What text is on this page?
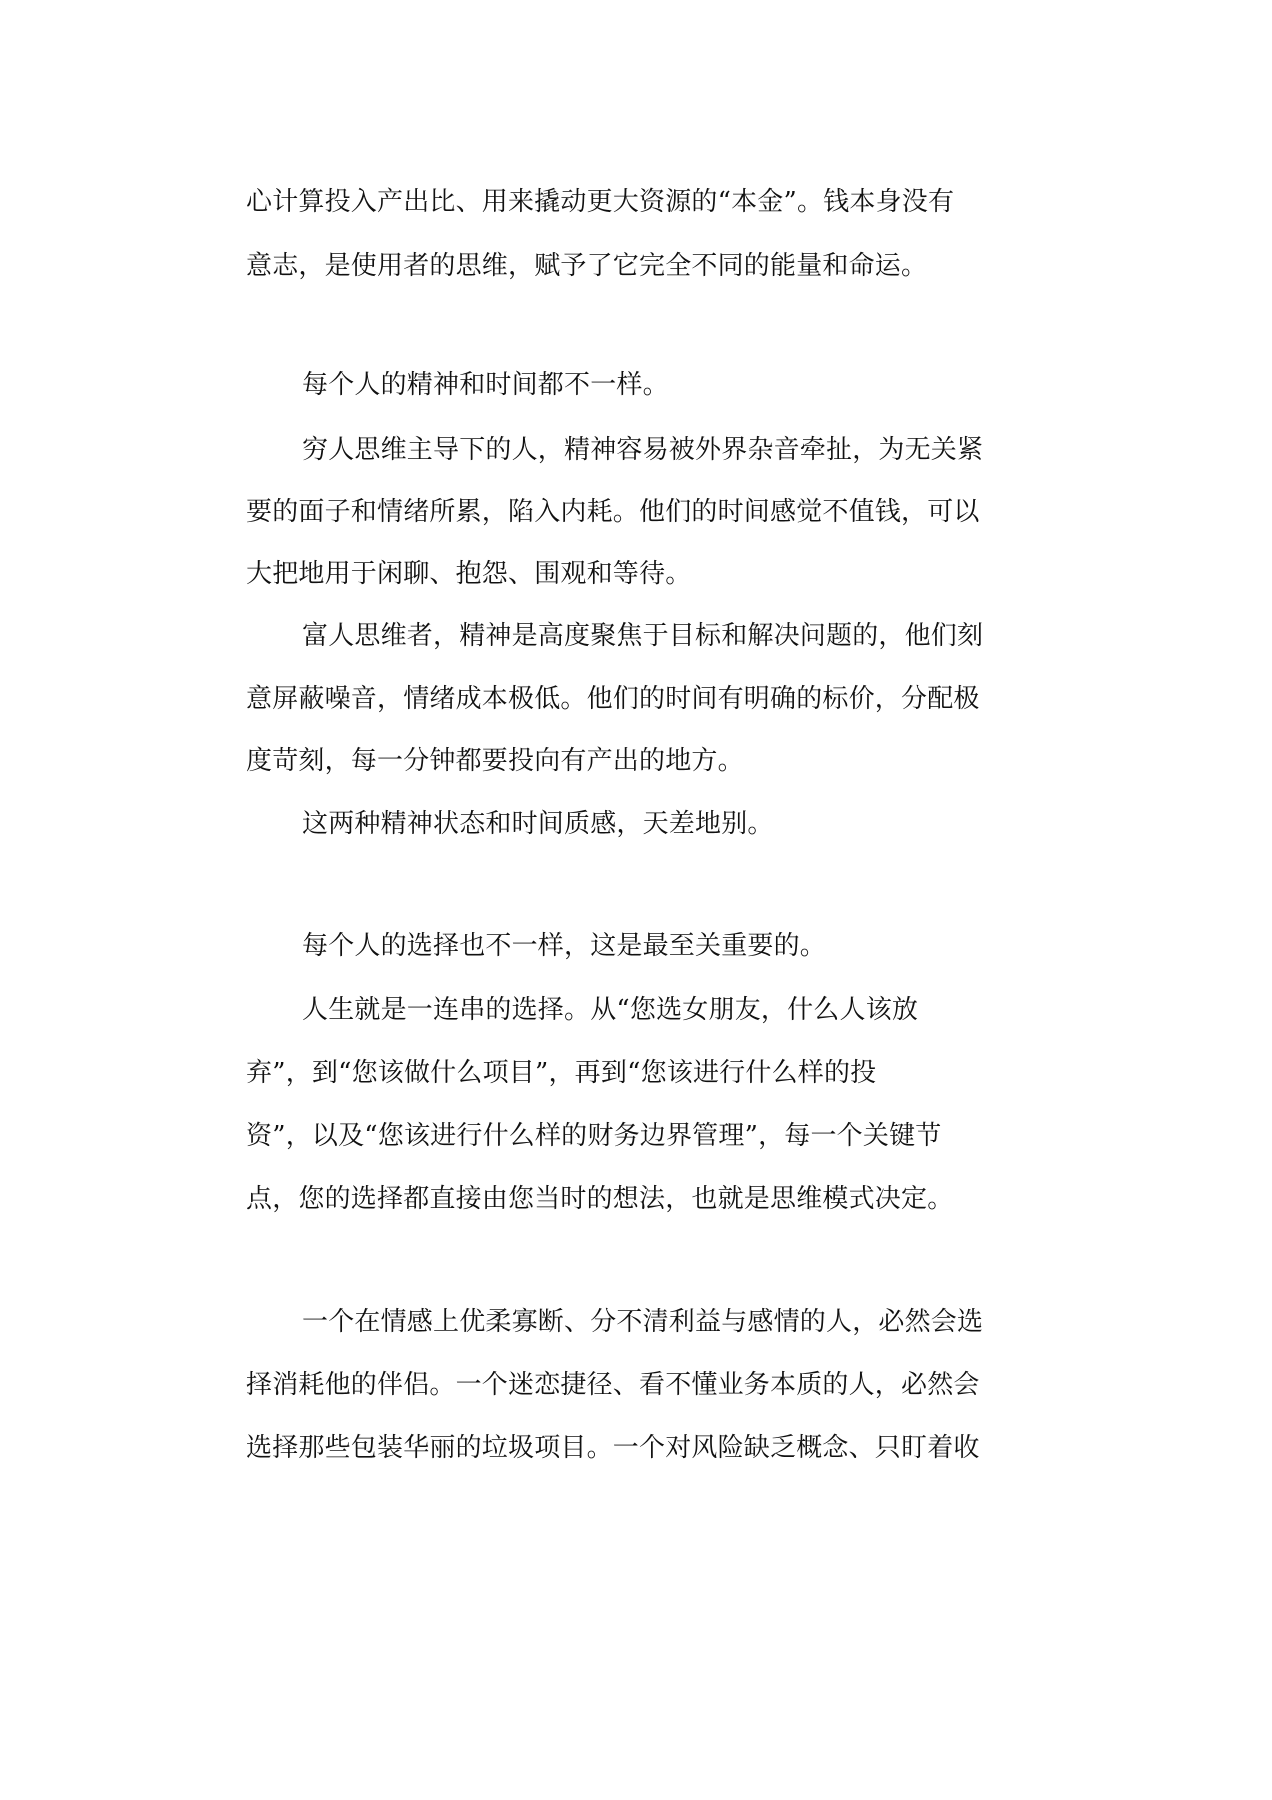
心计算投入产出比、用来撬动更大资源的“本金”。钱本身没有
意志，是使用者的思维，赋予了它完全不同的能量和命运。
每个人的精神和时间都不一样。
穷人思维主导下的人，精神容易被外界杂音牵扯，为无关紧
要的面子和情绪所累，陷入内耗。他们的时间感觉不值钱，可以
大把地用于闲聊、抱怨、围观和等待。
富人思维者，精神是高度聚焦于目标和解决问题的，他们刻
意屏蔽噪音，情绪成本极低。他们的时间有明确的标价，分配极
度苛刻，每一分钟都要投向有产出的地方。
这两种精神状态和时间质感，天差地别。
每个人的选择也不一样，这是最至关重要的。
人生就是一连串的选择。从“您选女朋友，什么人该放
弃”，到“您该做什么项目”，再到“您该进行什么样的投
资”，以及“您该进行什么样的财务边界管理”，每一个关键节
点，您的选择都直接由您当时的想法，也就是思维模式决定。
一个在情感上优柔寡断、分不清利益与感情的人，必然会选
择消耗他的伴侣。一个迷恋捷径、看不懂业务本质的人，必然会
选择那些包装华丽的垃圾项目。一个对风险缺乏概念、只盯着收
